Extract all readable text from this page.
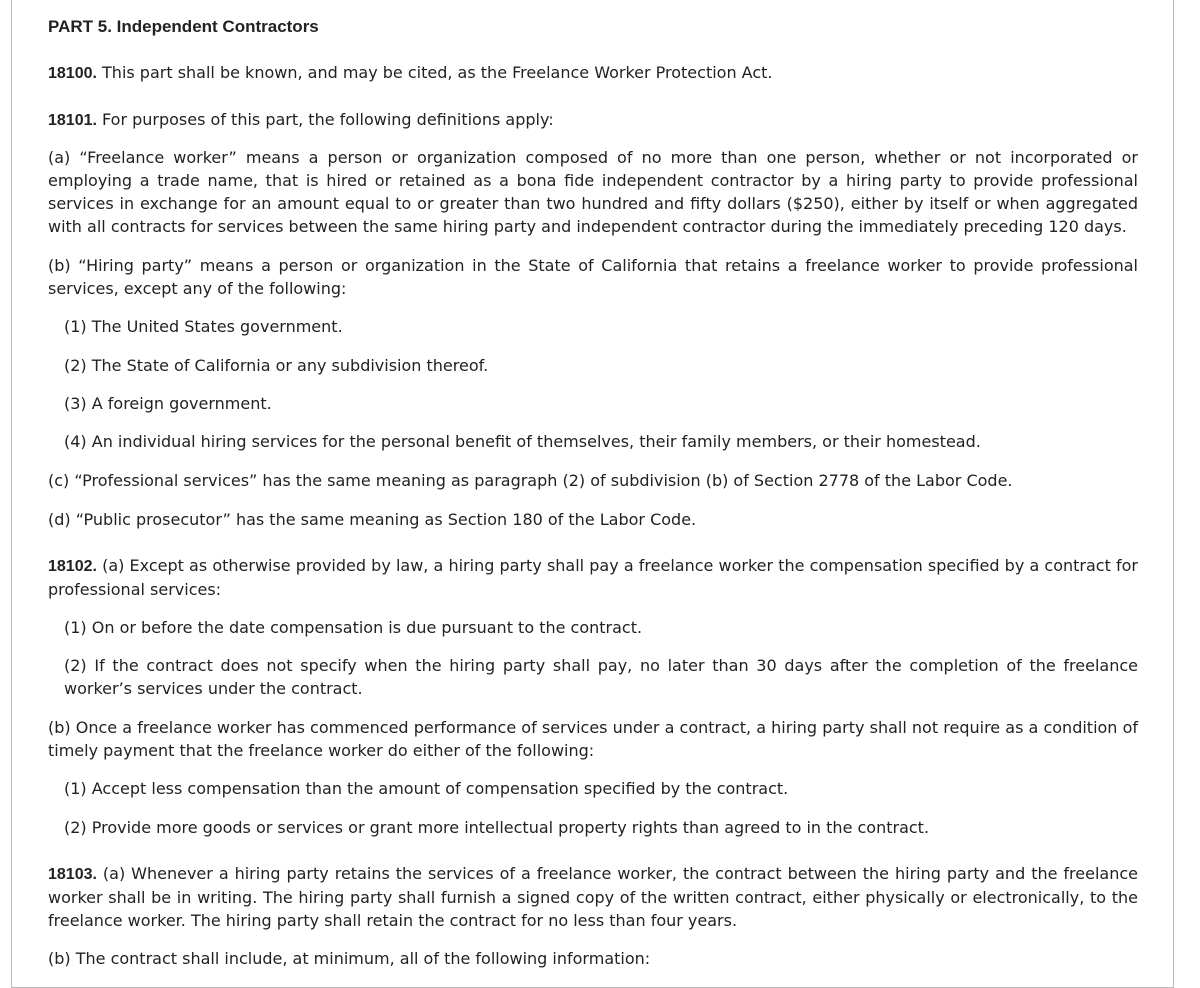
PART 5. Independent Contractors

18100. This part shall be known, and may be cited, as the Freelance Worker Protection Act.

18101. For purposes of this part, the following definitions apply:

(a) “Freelance worker” means a person or organization composed of no more than one person, whether or not incorporated or employing a trade name, that is hired or retained as a bona fide independent contractor by a hiring party to provide professional services in exchange for an amount equal to or greater than two hundred and fifty dollars ($250), either by itself or when aggregated with all contracts for services between the same hiring party and independent contractor during the immediately preceding 120 days.

(b) “Hiring party” means a person or organization in the State of California that retains a freelance worker to provide professional services, except any of the following:

(1) The United States government.

(2) The State of California or any subdivision thereof.

(3) A foreign government.

(4) An individual hiring services for the personal benefit of themselves, their family members, or their homestead.

(c) “Professional services” has the same meaning as paragraph (2) of subdivision (b) of Section 2778 of the Labor Code.

(d) “Public prosecutor” has the same meaning as Section 180 of the Labor Code.

18102. (a) Except as otherwise provided by law, a hiring party shall pay a freelance worker the compensation specified by a contract for professional services:

(1) On or before the date compensation is due pursuant to the contract.

(2) If the contract does not specify when the hiring party shall pay, no later than 30 days after the completion of the freelance worker’s services under the contract.

(b) Once a freelance worker has commenced performance of services under a contract, a hiring party shall not require as a condition of timely payment that the freelance worker do either of the following:

(1) Accept less compensation than the amount of compensation specified by the contract.

(2) Provide more goods or services or grant more intellectual property rights than agreed to in the contract.

18103. (a) Whenever a hiring party retains the services of a freelance worker, the contract between the hiring party and the freelance worker shall be in writing. The hiring party shall furnish a signed copy of the written contract, either physically or electronically, to the freelance worker. The hiring party shall retain the contract for no less than four years.

(b) The contract shall include, at minimum, all of the following information:
